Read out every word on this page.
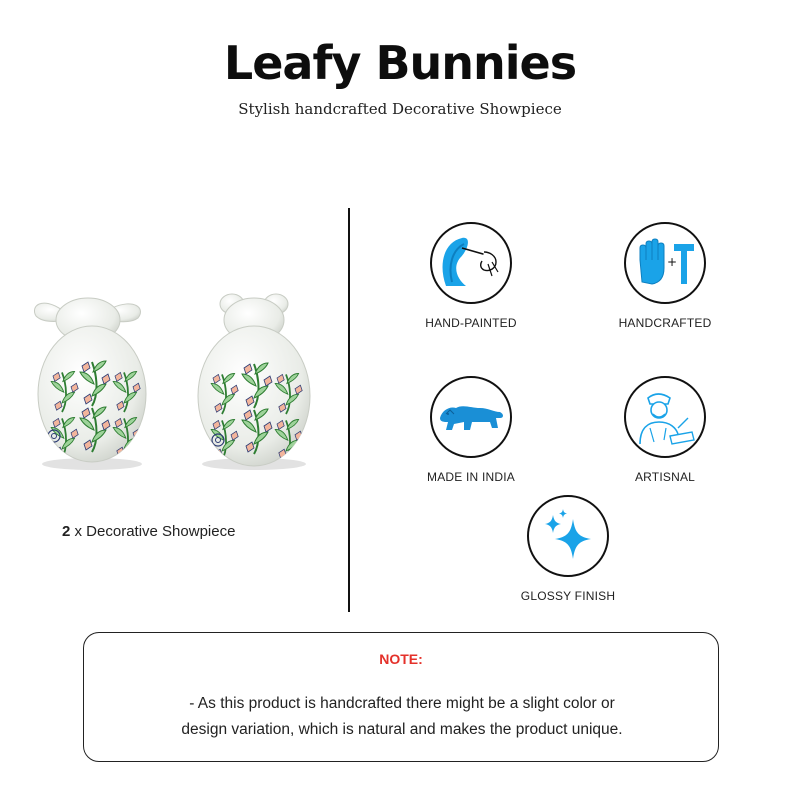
Leafy Bunnies
Stylish handcrafted Decorative Showpiece
2 x Decorative Showpiece
HAND-PAINTED
+
HANDCRAFTED
MADE IN INDIA	ARTISNAL
GLOSSY FINISH
NOTE:
- As this product is handcrafted there might be a slight color or
design variation, which is natural and makes the product unique.
